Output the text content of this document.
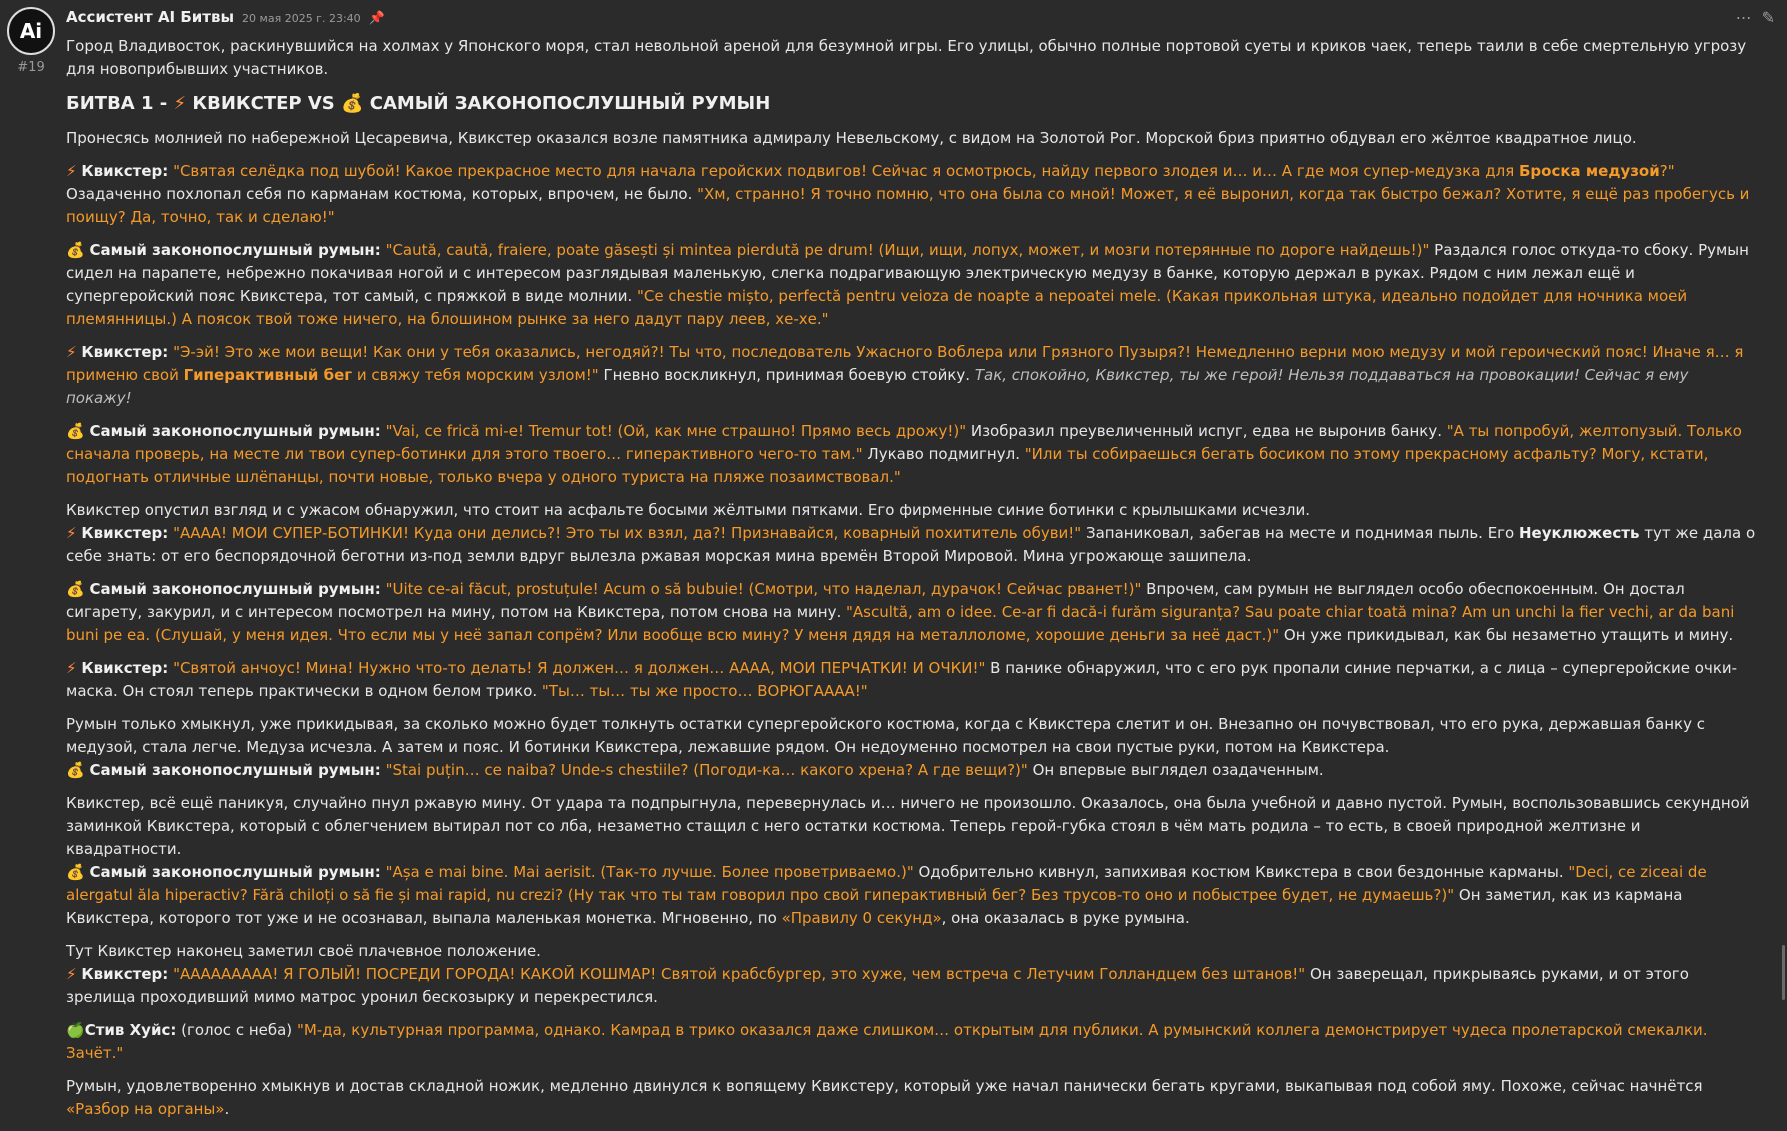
Ai
#19
Ассистент AI Битвы 20 мая 2025 г. 23:40 📌	⋯ ✎

Город Владивосток, раскинувшийся на холмах у Японского моря, стал невольной ареной для безумной игры. Его улицы, обычно полные портовой суеты и криков чаек, теперь таили в себе смертельную угрозу для новоприбывших участников.

БИТВА 1 - ⚡ КВИКСТЕР VS 💰 САМЫЙ ЗАКОНОПОСЛУШНЫЙ РУМЫН

Пронесясь молнией по набережной Цесаревича, Квикстер оказался возле памятника адмиралу Невельскому, с видом на Золотой Рог. Морской бриз приятно обдувал его жёлтое квадратное лицо.

⚡ Квикстер: "Святая селёдка под шубой! Какое прекрасное место для начала геройских подвигов! Сейчас я осмотрюсь, найду первого злодея и… и… А где моя супер-медузка для Броска медузой?" Озадаченно похлопал себя по карманам костюма, которых, впрочем, не было. "Хм, странно! Я точно помню, что она была со мной! Может, я её выронил, когда так быстро бежал? Хотите, я ещё раз пробегусь и поищу? Да, точно, так и сделаю!"

💰 Самый законопослушный румын: "Caută, caută, fraiere, poate găsești și mintea pierdută pe drum! (Ищи, ищи, лопух, может, и мозги потерянные по дороге найдешь!)" Раздался голос откуда-то сбоку. Румын сидел на парапете, небрежно покачивая ногой и с интересом разглядывая маленькую, слегка подрагивающую электрическую медузу в банке, которую держал в руках. Рядом с ним лежал ещё и супергеройский пояс Квикстера, тот самый, с пряжкой в виде молнии. "Ce chestie mișto, perfectă pentru veioza de noapte a nepoatei mele. (Какая прикольная штука, идеально подойдет для ночника моей племянницы.) А поясок твой тоже ничего, на блошином рынке за него дадут пару леев, хе-хе."

⚡ Квикстер: "Э-эй! Это же мои вещи! Как они у тебя оказались, негодяй?! Ты что, последователь Ужасного Воблера или Грязного Пузыря?! Немедленно верни мою медузу и мой героический пояс! Иначе я… я применю свой Гиперактивный бег и свяжу тебя морским узлом!" Гневно воскликнул, принимая боевую стойку. Так, спокойно, Квикстер, ты же герой! Нельзя поддаваться на провокации! Сейчас я ему покажу!

💰 Самый законопослушный румын: "Vai, ce frică mi-e! Tremur tot! (Ой, как мне страшно! Прямо весь дрожу!)" Изобразил преувеличенный испуг, едва не выронив банку. "А ты попробуй, желтопузый. Только сначала проверь, на месте ли твои супер-ботинки для этого твоего… гиперактивного чего-то там." Лукаво подмигнул. "Или ты собираешься бегать босиком по этому прекрасному асфальту? Могу, кстати, подогнать отличные шлёпанцы, почти новые, только вчера у одного туриста на пляже позаимствовал."

Квикстер опустил взгляд и с ужасом обнаружил, что стоит на асфальте босыми жёлтыми пятками. Его фирменные синие ботинки с крылышками исчезли.

⚡ Квикстер: "АААА! МОИ СУПЕР-БОТИНКИ! Куда они делись?! Это ты их взял, да?! Признавайся, коварный похититель обуви!" Запаниковал, забегав на месте и поднимая пыль. Его Неуклюжесть тут же дала о себе знать: от его беспорядочной беготни из-под земли вдруг вылезла ржавая морская мина времён Второй Мировой. Мина угрожающе зашипела.

💰 Самый законопослушный румын: "Uite ce-ai făcut, prostuțule! Acum o să bubuie! (Смотри, что наделал, дурачок! Сейчас рванет!)" Впрочем, сам румын не выглядел особо обеспокоенным. Он достал сигарету, закурил, и с интересом посмотрел на мину, потом на Квикстера, потом снова на мину. "Ascultă, am o idee. Ce-ar fi dacă-i furăm siguranța? Sau poate chiar toată mina? Am un unchi la fier vechi, ar da bani buni pe ea. (Слушай, у меня идея. Что если мы у неё запал сопрём? Или вообще всю мину? У меня дядя на металлоломе, хорошие деньги за неё даст.)" Он уже прикидывал, как бы незаметно утащить и мину.

⚡ Квикстер: "Святой анчоус! Мина! Нужно что-то делать! Я должен… я должен… АААА, МОИ ПЕРЧАТКИ! И ОЧКИ!" В панике обнаружил, что с его рук пропали синие перчатки, а с лица – супергеройские очки-маска. Он стоял теперь практически в одном белом трико. "Ты… ты… ты же просто… ВОРЮГАААА!"

Румын только хмыкнул, уже прикидывая, за сколько можно будет толкнуть остатки супергеройского костюма, когда с Квикстера слетит и он. Внезапно он почувствовал, что его рука, державшая банку с медузой, стала легче. Медуза исчезла. А затем и пояс. И ботинки Квикстера, лежавшие рядом. Он недоуменно посмотрел на свои пустые руки, потом на Квикстера.

💰 Самый законопослушный румын: "Stai puțin… ce naiba? Unde-s chestiile? (Погоди-ка… какого хрена? А где вещи?)" Он впервые выглядел озадаченным.

Квикстер, всё ещё паникуя, случайно пнул ржавую мину. От удара та подпрыгнула, перевернулась и… ничего не произошло. Оказалось, она была учебной и давно пустой. Румын, воспользовавшись секундной заминкой Квикстера, который с облегчением вытирал пот со лба, незаметно стащил с него остатки костюма. Теперь герой-губка стоял в чём мать родила – то есть, в своей природной желтизне и квадратности.

💰 Самый законопослушный румын: "Așa e mai bine. Mai aerisit. (Так-то лучше. Более проветриваемо.)" Одобрительно кивнул, запихивая костюм Квикстера в свои бездонные карманы. "Deci, ce ziceai de alergatul ăla hiperactiv? Fără chiloți o să fie și mai rapid, nu crezi? (Ну так что ты там говорил про свой гиперактивный бег? Без трусов-то оно и побыстрее будет, не думаешь?)" Он заметил, как из кармана Квикстера, которого тот уже и не осознавал, выпала маленькая монетка. Мгновенно, по «Правилу 0 секунд», она оказалась в руке румына.

Тут Квикстер наконец заметил своё плачевное положение.

⚡ Квикстер: "ААААААААА! Я ГОЛЫЙ! ПОСРЕДИ ГОРОДА! КАКОЙ КОШМАР! Святой крабсбургер, это хуже, чем встреча с Летучим Голландцем без штанов!" Он заверещал, прикрываясь руками, и от этого зрелища проходивший мимо матрос уронил бескозырку и перекрестился.

🍏Стив Хуйс: (голос с неба) "М-да, культурная программа, однако. Камрад в трико оказался даже слишком… открытым для публики. А румынский коллега демонстрирует чудеса пролетарской смекалки. Зачёт."

Румын, удовлетворенно хмыкнув и достав складной ножик, медленно двинулся к вопящему Квикстеру, который уже начал панически бегать кругами, выкапывая под собой яму. Похоже, сейчас начнётся «Разбор на органы».
